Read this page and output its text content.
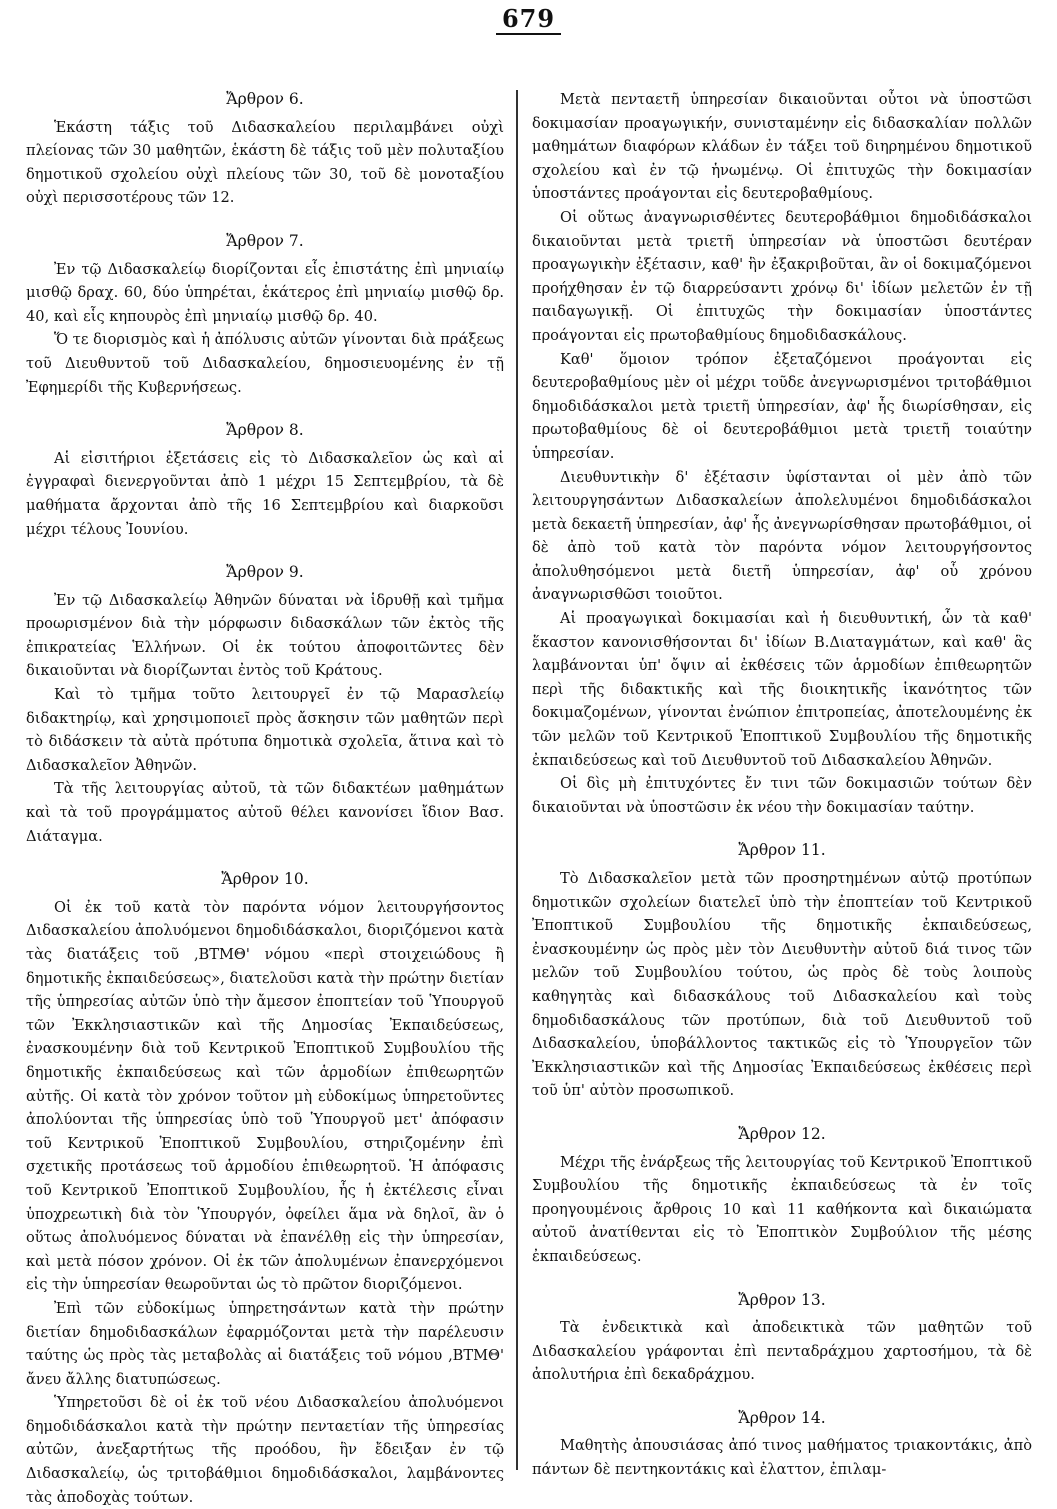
679
Ἄρθρον 6.

Ἑκάστη τάξις τοῦ Διδασκαλείου περιλαμβάνει οὐχὶ πλείονας τῶν 30 μαθητῶν, ἑκάστη δὲ τάξις τοῦ μὲν πολυταξίου δημοτικοῦ σχολείου οὐχὶ πλείους τῶν 30, τοῦ δὲ μονοταξίου οὐχὶ περισσοτέρους τῶν 12.

Ἄρθρον 7.

Ἐν τῷ Διδασκαλείῳ διορίζονται εἷς ἐπιστάτης ἐπὶ μηνιαίῳ μισθῷ δραχ. 60, δύο ὑπηρέται, ἑκάτερος ἐπὶ μηνιαίῳ μισθῷ δρ. 40, καὶ εἷς κηπουρὸς ἐπὶ μηνιαίῳ μισθῷ δρ. 40.

Ὅ τε διορισμὸς καὶ ἡ ἀπόλυσις αὐτῶν γίνονται διὰ πράξεως τοῦ Διευθυντοῦ τοῦ Διδασκαλείου, δημοσιευομένης ἐν τῇ Ἐφημερίδι τῆς Κυβερνήσεως.

Ἄρθρον 8.

Αἱ εἰσιτήριοι ἐξετάσεις εἰς τὸ Διδασκαλεῖον ὡς καὶ αἱ ἐγγραφαὶ διενεργοῦνται ἀπὸ 1 μέχρι 15 Σεπτεμβρίου, τὰ δὲ μαθήματα ἄρχονται ἀπὸ τῆς 16 Σεπτεμβρίου καὶ διαρκοῦσι μέχρι τέλους Ἰουνίου.

Ἄρθρον 9.

Ἐν τῷ Διδασκαλείῳ Ἀθηνῶν δύναται νὰ ἱδρυθῇ καὶ τμῆμα προωρισμένον διὰ τὴν μόρφωσιν διδασκάλων τῶν ἐκτὸς τῆς ἐπικρατείας Ἑλλήνων. Οἱ ἐκ τούτου ἀποφοιτῶντες δὲν δικαιοῦνται νὰ διορίζωνται ἐντὸς τοῦ Κράτους.

Καὶ τὸ τμῆμα τοῦτο λειτουργεῖ ἐν τῷ Μαρασλείῳ διδακτηρίῳ, καὶ χρησιμοποιεῖ πρὸς ἄσκησιν τῶν μαθητῶν περὶ τὸ διδάσκειν τὰ αὐτὰ πρότυπα δημοτικὰ σχολεῖα, ἅτινα καὶ τὸ Διδασκαλεῖον Ἀθηνῶν.

Τὰ τῆς λειτουργίας αὐτοῦ, τὰ τῶν διδακτέων μαθημάτων καὶ τὰ τοῦ προγράμματος αὐτοῦ θέλει κανονίσει ἴδιον Βασ. Διάταγμα.

Ἄρθρον 10.

Οἱ ἐκ τοῦ κατὰ τὸν παρόντα νόμον λειτουργήσοντος Διδασκαλείου ἀπολυόμενοι δημοδιδάσκαλοι, διοριζόμενοι κατὰ τὰς διατάξεις τοῦ ‚ΒΤΜΘ' νόμου «περὶ στοιχειώδους ἢ δημοτικῆς ἐκπαιδεύσεως», διατελοῦσι κατὰ τὴν πρώτην διετίαν τῆς ὑπηρεσίας αὐτῶν ὑπὸ τὴν ἄμεσον ἐποπτείαν τοῦ Ὑπουργοῦ τῶν Ἐκκλησιαστικῶν καὶ τῆς Δημοσίας Ἐκπαιδεύσεως, ἐνασκουμένην διὰ τοῦ Κεντρικοῦ Ἐποπτικοῦ Συμβουλίου τῆς δημοτικῆς ἐκπαιδεύσεως καὶ τῶν ἁρμοδίων ἐπιθεωρητῶν αὐτῆς. Οἱ κατὰ τὸν χρόνον τοῦτον μὴ εὐδοκίμως ὑπηρετοῦντες ἀπολύονται τῆς ὑπηρεσίας ὑπὸ τοῦ Ὑπουργοῦ μετ' ἀπόφασιν τοῦ Κεντρικοῦ Ἐποπτικοῦ Συμβουλίου, στηριζομένην ἐπὶ σχετικῆς προτάσεως τοῦ ἁρμοδίου ἐπιθεωρητοῦ. Ἡ ἀπόφασις τοῦ Κεντρικοῦ Ἐποπτικοῦ Συμβουλίου, ἧς ἡ ἐκτέλεσις εἶναι ὑποχρεωτικὴ διὰ τὸν Ὑπουργόν, ὀφείλει ἅμα νὰ δηλοῖ, ἂν ὁ οὕτως ἀπολυόμενος δύναται νὰ ἐπανέλθῃ εἰς τὴν ὑπηρεσίαν, καὶ μετὰ πόσον χρόνον. Οἱ ἐκ τῶν ἀπολυμένων ἐπανερχόμενοι εἰς τὴν ὑπηρεσίαν θεωροῦνται ὡς τὸ πρῶτον διοριζόμενοι.

Ἐπὶ τῶν εὐδοκίμως ὑπηρετησάντων κατὰ τὴν πρώτην διετίαν δημοδιδασκάλων ἐφαρμόζονται μετὰ τὴν παρέλευσιν ταύτης ὡς πρὸς τὰς μεταβολὰς αἱ διατάξεις τοῦ νόμου ‚ΒΤΜΘ' ἄνευ ἄλλης διατυπώσεως.

Ὑπηρετοῦσι δὲ οἱ ἐκ τοῦ νέου Διδασκαλείου ἀπολυόμενοι δημοδιδάσκαλοι κατὰ τὴν πρώτην πενταετίαν τῆς ὑπηρεσίας αὐτῶν, ἀνεξαρτήτως τῆς προόδου, ἣν ἔδειξαν ἐν τῷ Διδασκαλείῳ, ὡς τριτοβάθμιοι δημοδιδάσκαλοι, λαμβάνοντες τὰς ἀποδοχὰς τούτων.

Μετὰ πενταετῆ ὑπηρεσίαν δικαιοῦνται οὗτοι νὰ ὑποστῶσι δοκιμασίαν προαγωγικήν, συνισταμένην εἰς διδασκαλίαν πολλῶν μαθημάτων διαφόρων κλάδων ἐν τάξει τοῦ διηρημένου δημοτικοῦ σχολείου καὶ ἐν τῷ ἡνωμένῳ. Οἱ ἐπιτυχῶς τὴν δοκιμασίαν ὑποστάντες προάγονται εἰς δευτεροβαθμίους.

Οἱ οὕτως ἀναγνωρισθέντες δευτεροβάθμιοι δημοδιδάσκαλοι δικαιοῦνται μετὰ τριετῆ ὑπηρεσίαν νὰ ὑποστῶσι δευτέραν προαγωγικὴν ἐξέτασιν, καθ' ἣν ἐξακριβοῦται, ἂν οἱ δοκιμαζόμενοι προήχθησαν ἐν τῷ διαρρεύσαντι χρόνῳ δι' ἰδίων μελετῶν ἐν τῇ παιδαγωγικῇ. Οἱ ἐπιτυχῶς τὴν δοκιμασίαν ὑποστάντες προάγονται εἰς πρωτοβαθμίους δημοδιδασκάλους.

Καθ' ὅμοιον τρόπον ἐξεταζόμενοι προάγονται εἰς δευτεροβαθμίους μὲν οἱ μέχρι τοῦδε ἀνεγνωρισμένοι τριτοβάθμιοι δημοδιδάσκαλοι μετὰ τριετῆ ὑπηρεσίαν, ἀφ' ἧς διωρίσθησαν, εἰς πρωτοβαθμίους δὲ οἱ δευτεροβάθμιοι μετὰ τριετῆ τοιαύτην ὑπηρεσίαν.

Διευθυντικὴν δ' ἐξέτασιν ὑφίστανται οἱ μὲν ἀπὸ τῶν λειτουργησάντων Διδασκαλείων ἀπολελυμένοι δημοδιδάσκαλοι μετὰ δεκαετῆ ὑπηρεσίαν, ἀφ' ἧς ἀνεγνωρίσθησαν πρωτοβάθμιοι, οἱ δὲ ἀπὸ τοῦ κατὰ τὸν παρόντα νόμον λειτουργήσοντος ἀπολυθησόμενοι μετὰ διετῆ ὑπηρεσίαν, ἀφ' οὗ χρόνου ἀναγνωρισθῶσι τοιοῦτοι.

Αἱ προαγωγικαὶ δοκιμασίαι καὶ ἡ διευθυντική, ὧν τὰ καθ' ἕκαστον κανονισθήσονται δι' ἰδίων Β.Διαταγμάτων, καὶ καθ' ἃς λαμβάνονται ὑπ' ὄψιν αἱ ἐκθέσεις τῶν ἁρμοδίων ἐπιθεωρητῶν περὶ τῆς διδακτικῆς καὶ τῆς διοικητικῆς ἱκανότητος τῶν δοκιμαζομένων, γίνονται ἐνώπιον ἐπιτροπείας, ἀποτελουμένης ἐκ τῶν μελῶν τοῦ Κεντρικοῦ Ἐποπτικοῦ Συμβουλίου τῆς δημοτικῆς ἐκπαιδεύσεως καὶ τοῦ Διευθυντοῦ τοῦ Διδασκαλείου Ἀθηνῶν.

Οἱ δὶς μὴ ἐπιτυχόντες ἔν τινι τῶν δοκιμασιῶν τούτων δὲν δικαιοῦνται νὰ ὑποστῶσιν ἐκ νέου τὴν δοκιμασίαν ταύτην.

Ἄρθρον 11.

Τὸ Διδασκαλεῖον μετὰ τῶν προσηρτημένων αὐτῷ προτύπων δημοτικῶν σχολείων διατελεῖ ὑπὸ τὴν ἐποπτείαν τοῦ Κεντρικοῦ Ἐποπτικοῦ Συμβουλίου τῆς δημοτικῆς ἐκπαιδεύσεως, ἐνασκουμένην ὡς πρὸς μὲν τὸν Διευθυντὴν αὐτοῦ διά τινος τῶν μελῶν τοῦ Συμβουλίου τούτου, ὡς πρὸς δὲ τοὺς λοιποὺς καθηγητὰς καὶ διδασκάλους τοῦ Διδασκαλείου καὶ τοὺς δημοδιδασκάλους τῶν προτύπων, διὰ τοῦ Διευθυντοῦ τοῦ Διδασκαλείου, ὑποβάλλοντος τακτικῶς εἰς τὸ Ὑπουργεῖον τῶν Ἐκκλησιαστικῶν καὶ τῆς Δημοσίας Ἐκπαιδεύσεως ἐκθέσεις περὶ τοῦ ὑπ' αὐτὸν προσωπικοῦ.

Ἄρθρον 12.

Μέχρι τῆς ἐνάρξεως τῆς λειτουργίας τοῦ Κεντρικοῦ Ἐποπτικοῦ Συμβουλίου τῆς δημοτικῆς ἐκπαιδεύσεως τὰ ἐν τοῖς προηγουμένοις ἄρθροις 10 καὶ 11 καθήκοντα καὶ δικαιώματα αὐτοῦ ἀνατίθενται εἰς τὸ Ἐποπτικὸν Συμβούλιον τῆς μέσης ἐκπαιδεύσεως.

Ἄρθρον 13.

Τὰ ἐνδεικτικὰ καὶ ἀποδεικτικὰ τῶν μαθητῶν τοῦ Διδασκαλείου γράφονται ἐπὶ πενταδράχμου χαρτοσήμου, τὰ δὲ ἀπολυτήρια ἐπὶ δεκαδράχμου.

Ἄρθρον 14.

Μαθητὴς ἀπουσιάσας ἀπό τινος μαθήματος τριακοντάκις, ἀπὸ πάντων δὲ πεντηκοντάκις καὶ ἐλαττον, ἐπιλαμ-
